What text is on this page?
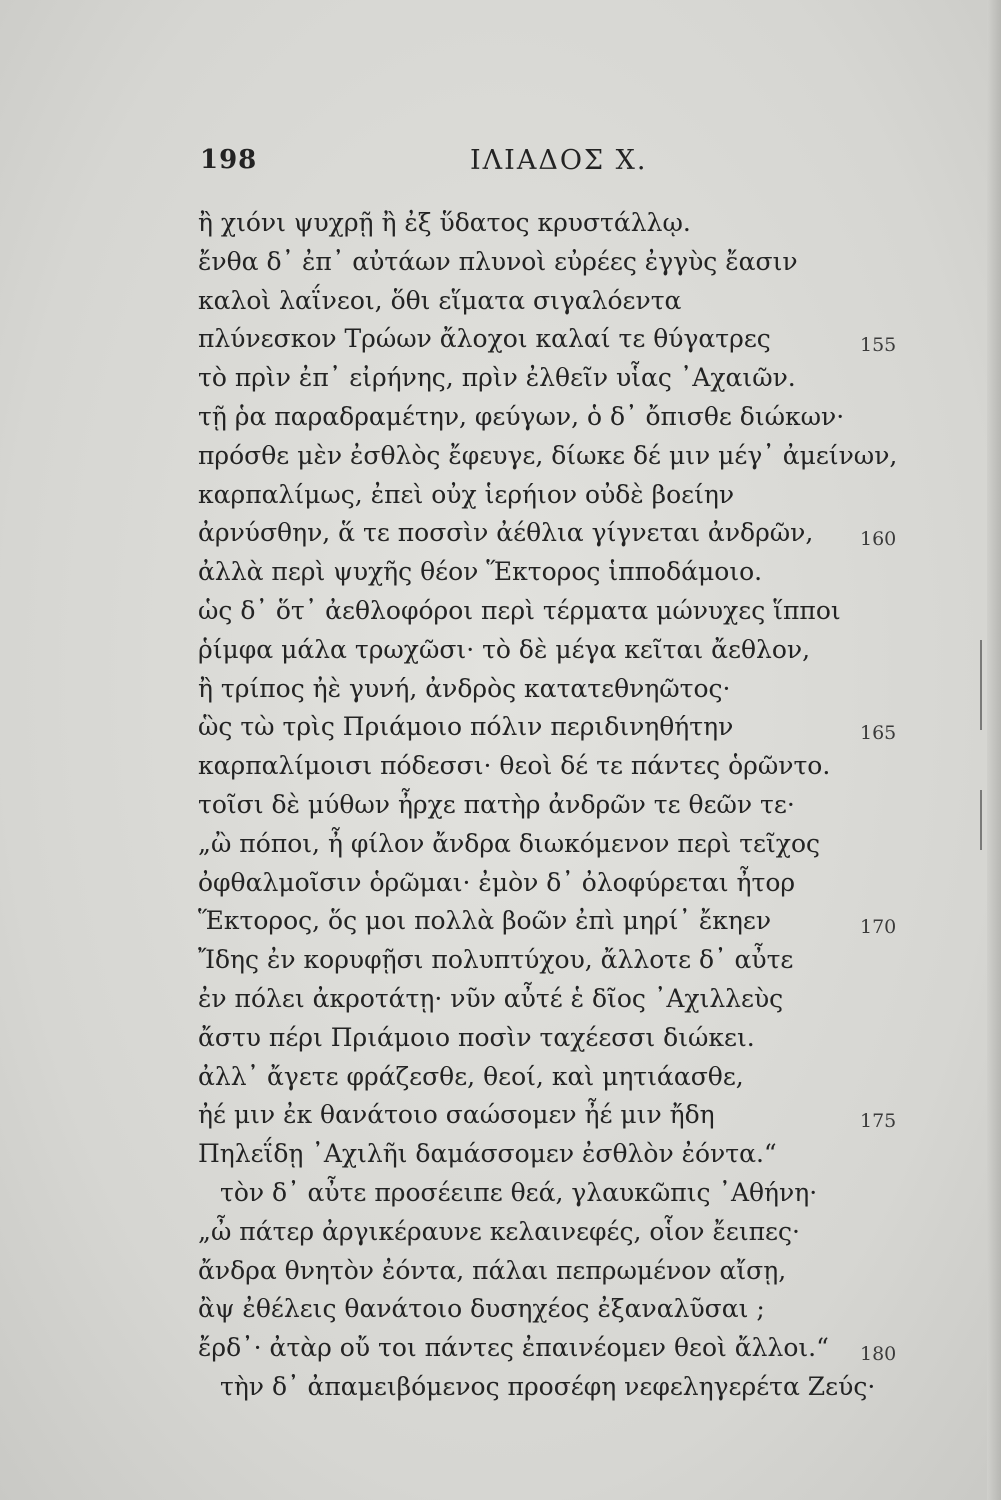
198	ΙΛΙΑΔΟΣ Χ.
ἢ χιόνι ψυχρῇ ἢ ἐξ ὕδατος κρυστάλλῳ.
ἔνθα δ᾽ ἐπ᾽ αὐτάων πλυνοὶ εὐρέες ἐγγὺς ἔασιν
καλοὶ λαΐνεοι, ὅθι εἵματα σιγαλόεντα
πλύνεσκον Τρώων ἄλοχοι καλαί τε θύγατρες	155
τὸ πρὶν ἐπ᾽ εἰρήνης, πρὶν ἐλθεῖν υἷας ᾽Αχαιῶν.
τῇ ῥα παραδραμέτην, φεύγων, ὁ δ᾽ ὄπισθε διώκων·
πρόσθε μὲν ἐσθλὸς ἔφευγε, δίωκε δέ μιν μέγ᾽ ἀμείνων,
καρπαλίμως, ἐπεὶ οὐχ ἱερήιον οὐδὲ βοείην
ἀρνύσθην, ἅ τε ποσσὶν ἀέθλια γίγνεται ἀνδρῶν, 160
ἀλλὰ περὶ ψυχῆς θέον Ἕκτορος ἱπποδάμοιο.
ὡς δ᾽ ὅτ᾽ ἀεθλοφόροι περὶ τέρματα μώνυχες ἵπποι
ῥίμφα μάλα τρωχῶσι· τὸ δὲ μέγα κεῖται ἄεθλον,
ἢ τρίπος ἠὲ γυνή, ἀνδρὸς κατατεθνηῶτος·
ὣς τὼ τρὶς Πριάμοιο πόλιν περιδινηθήτην	165
καρπαλίμοισι πόδεσσι· θεοὶ δέ τε πάντες ὁρῶντο.
τοῖσι δὲ μύθων ἦρχε πατὴρ ἀνδρῶν τε θεῶν τε·
„ὢ πόποι, ἦ φίλον ἄνδρα διωκόμενον περὶ τεῖχος
ὀφθαλμοῖσιν ὁρῶμαι· ἐμὸν δ᾽ ὀλοφύρεται ἦτορ
Ἕκτορος, ὅς μοι πολλὰ βοῶν ἐπὶ μηρί᾽ ἔκηεν	170
Ἴδης ἐν κορυφῇσι πολυπτύχου, ἄλλοτε δ᾽ αὖτε
ἐν πόλει ἀκροτάτῃ· νῦν αὖτέ ἑ δῖος ᾽Αχιλλεὺς
ἄστυ πέρι Πριάμοιο ποσὶν ταχέεσσι διώκει.
ἀλλ᾽ ἄγετε φράζεσθε, θεοί, καὶ μητιάασθε,
ἠέ μιν ἐκ θανάτοιο σαώσομεν ἦέ μιν ἤδη	175
Πηλεΐδῃ ᾽Αχιλῆι δαμάσσομεν ἐσθλὸν ἐόντα.“
τὸν δ᾽ αὖτε προσέειπε θεά, γλαυκῶπις ᾽Αθήνη·
„ὦ πάτερ ἀργικέραυνε κελαινεφές, οἷον ἔειπες·
ἄνδρα θνητὸν ἐόντα, πάλαι πεπρωμένον αἴσῃ,
ἂψ ἐθέλεις θανάτοιο δυσηχέος ἐξαναλῦσαι ;
ἔρδ᾽· ἀτὰρ οὔ τοι πάντες ἐπαινέομεν θεοὶ ἄλλοι.“ 180
τὴν δ᾽ ἀπαμειβόμενος προσέφη νεφεληγερέτα Ζεύς·
